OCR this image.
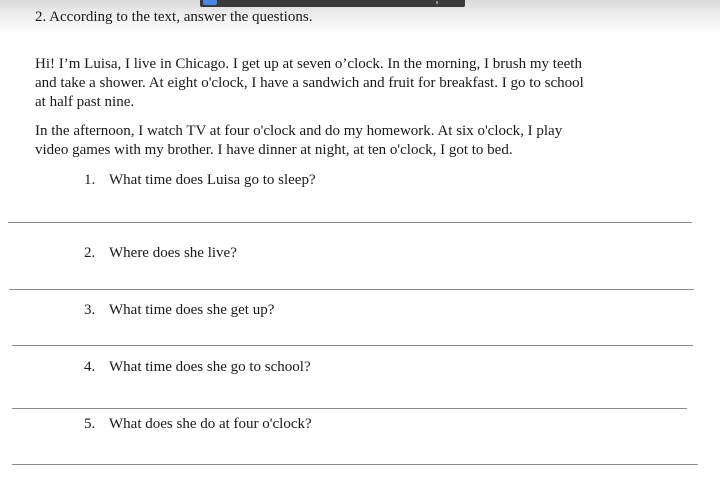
2. According to the text, answer the questions.

Hi! I’m Luisa, I live in Chicago. I get up at seven o’clock. In the morning, I brush my teeth
and take a shower. At eight o'clock, I have a sandwich and fruit for breakfast. I go to school
at half past nine.

In the afternoon, I watch TV at four o'clock and do my homework. At six o'clock, I play
video games with my brother. I have dinner at night, at ten o'clock, I got to bed.

1. What time does Luisa go to sleep?
2. Where does she live?
3. What time does she get up?
4. What time does she go to school?
5. What does she do at four o'clock?
